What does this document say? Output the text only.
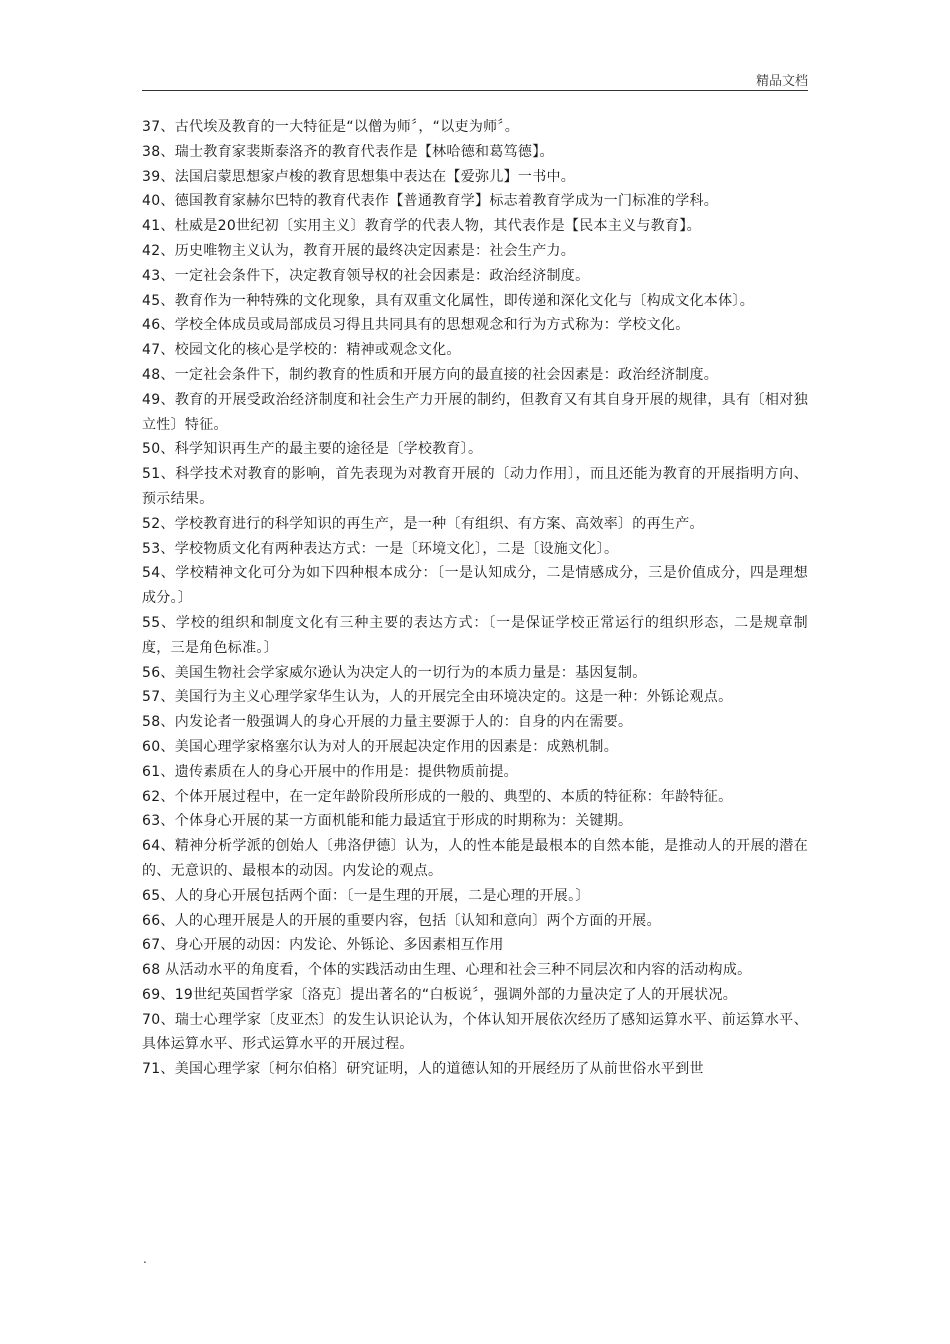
精品文档

37、古代埃及教育的一大特征是“以僧为师〞，“以吏为师〞。

38、瑞士教育家裴斯泰洛齐的教育代表作是【林哈德和葛笃德】。

39、法国启蒙思想家卢梭的教育思想集中表达在【爱弥儿】一书中。

40、德国教育家赫尔巴特的教育代表作【普通教育学】标志着教育学成为一门标准的学科。

41、杜威是20世纪初〔实用主义〕教育学的代表人物，其代表作是【民本主义与教育】。

42、历史唯物主义认为，教育开展的最终决定因素是：社会生产力。

43、一定社会条件下，决定教育领导权的社会因素是：政治经济制度。

45、教育作为一种特殊的文化现象，具有双重文化属性，即传递和深化文化与〔构成文化本体〕。

46、学校全体成员或局部成员习得且共同具有的思想观念和行为方式称为：学校文化。

47、校园文化的核心是学校的：精神或观念文化。

48、一定社会条件下，制约教育的性质和开展方向的最直接的社会因素是：政治经济制度。

49、教育的开展受政治经济制度和社会生产力开展的制约，但教育又有其自身开展的规律，具有〔相对独立性〕特征。

50、科学知识再生产的最主要的途径是〔学校教育〕。

51、科学技术对教育的影响，首先表现为对教育开展的〔动力作用〕，而且还能为教育的开展指明方向、预示结果。

52、学校教育进行的科学知识的再生产，是一种〔有组织、有方案、高效率〕的再生产。

53、学校物质文化有两种表达方式：一是〔环境文化〕，二是〔设施文化〕。

54、学校精神文化可分为如下四种根本成分：〔一是认知成分，二是情感成分，三是价值成分，四是理想成分。〕

55、学校的组织和制度文化有三种主要的表达方式：〔一是保证学校正常运行的组织形态，二是规章制度，三是角色标准。〕

56、美国生物社会学家威尔逊认为决定人的一切行为的本质力量是：基因复制。

57、美国行为主义心理学家华生认为，人的开展完全由环境决定的。这是一种：外铄论观点。

58、内发论者一般强调人的身心开展的力量主要源于人的：自身的内在需要。

60、美国心理学家格塞尔认为对人的开展起决定作用的因素是：成熟机制。

61、遗传素质在人的身心开展中的作用是：提供物质前提。

62、个体开展过程中，在一定年龄阶段所形成的一般的、典型的、本质的特征称：年龄特征。

63、个体身心开展的某一方面机能和能力最适宜于形成的时期称为：关键期。

64、精神分析学派的创始人〔弗洛伊德〕认为，人的性本能是最根本的自然本能，是推动人的开展的潜在的、无意识的、最根本的动因。内发论的观点。

65、人的身心开展包括两个面：〔一是生理的开展，二是心理的开展。〕

66、人的心理开展是人的开展的重要内容，包括〔认知和意向〕两个方面的开展。

67、身心开展的动因：内发论、外铄论、多因素相互作用

68 从活动水平的角度看，个体的实践活动由生理、心理和社会三种不同层次和内容的活动构成。

69、19世纪英国哲学家〔洛克〕提出著名的“白板说〞，强调外部的力量决定了人的开展状况。

70、瑞士心理学家〔皮亚杰〕的发生认识论认为，个体认知开展依次经历了感知运算水平、前运算水平、具体运算水平、形式运算水平的开展过程。

71、美国心理学家〔柯尔伯格〕研究证明，人的道德认知的开展经历了从前世俗水平到世

.
